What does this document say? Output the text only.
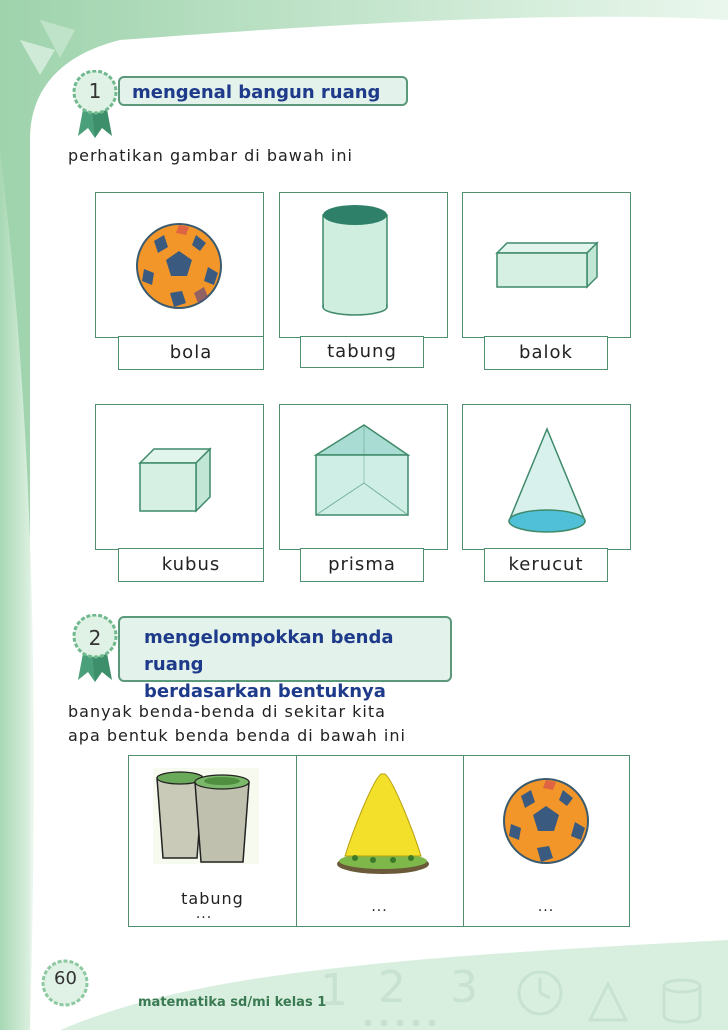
1	mengenal bangun ruang
perhatikan gambar di bawah ini
bola	tabung	balok
kubus	prisma	kerucut
2	mengelompokkan benda ruang
berdasarkan bentuknya
banyak benda-benda di sekitar kita
apa bentuk benda benda di bawah ini
tabung
...	...	...
60
matematika sd/mi kelas 1
1 2 3
